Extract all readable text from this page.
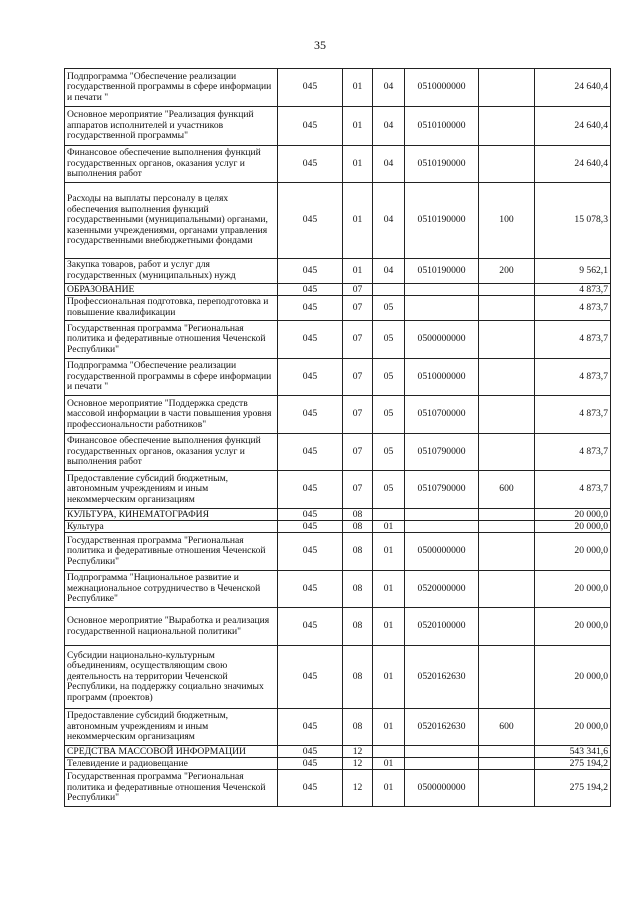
35
Подпрограмма "Обеспечение реализации государственной программы в сфере информации и печати "	045	01	04	0510000000		24 640,4
Основное мероприятие "Реализация функций аппаратов исполнителей и участников государственной программы"	045	01	04	0510100000		24 640,4
Финансовое обеспечение выполнения функций государственных органов, оказания услуг и выполнения работ	045	01	04	0510190000		24 640,4
Расходы на выплаты персоналу в целях обеспечения выполнения функций государственными (муниципальными) органами, казенными учреждениями, органами управления государственными внебюджетными фондами	045	01	04	0510190000	100	15 078,3
Закупка товаров, работ и услуг для государственных (муниципальных) нужд	045	01	04	0510190000	200	9 562,1
ОБРАЗОВАНИЕ	045	07				4 873,7
Профессиональная подготовка, переподготовка и повышение квалификации	045	07	05			4 873,7
Государственная программа "Региональная политика и федеративные отношения Чеченской Республики"	045	07	05	0500000000		4 873,7
Подпрограмма "Обеспечение реализации государственной программы в сфере информации и печати "	045	07	05	0510000000		4 873,7
Основное мероприятие "Поддержка средств массовой информации в части повышения уровня профессиональности работников"	045	07	05	0510700000		4 873,7
Финансовое обеспечение выполнения функций государственных органов, оказания услуг и выполнения работ	045	07	05	0510790000		4 873,7
Предоставление субсидий бюджетным, автономным учреждениям и иным некоммерческим организациям	045	07	05	0510790000	600	4 873,7
КУЛЬТУРА, КИНЕМАТОГРАФИЯ	045	08				20 000,0
Культура	045	08	01			20 000,0
Государственная программа "Региональная политика и федеративные отношения Чеченской Республики"	045	08	01	0500000000		20 000,0
Подпрограмма "Национальное развитие и межнациональное сотрудничество в Чеченской Республике"	045	08	01	0520000000		20 000,0
Основное мероприятие "Выработка и реализация государственной национальной политики"	045	08	01	0520100000		20 000,0
Субсидии национально-культурным объединениям, осуществляющим свою деятельность на территории Чеченской Республики, на поддержку социально значимых программ (проектов)	045	08	01	0520162630		20 000,0
Предоставление субсидий бюджетным, автономным учреждениям и иным некоммерческим организациям	045	08	01	0520162630	600	20 000,0
СРЕДСТВА МАССОВОЙ ИНФОРМАЦИИ	045	12				543 341,6
Телевидение и радиовещание	045	12	01			275 194,2
Государственная программа "Региональная политика и федеративные отношения Чеченской Республики"	045	12	01	0500000000		275 194,2
